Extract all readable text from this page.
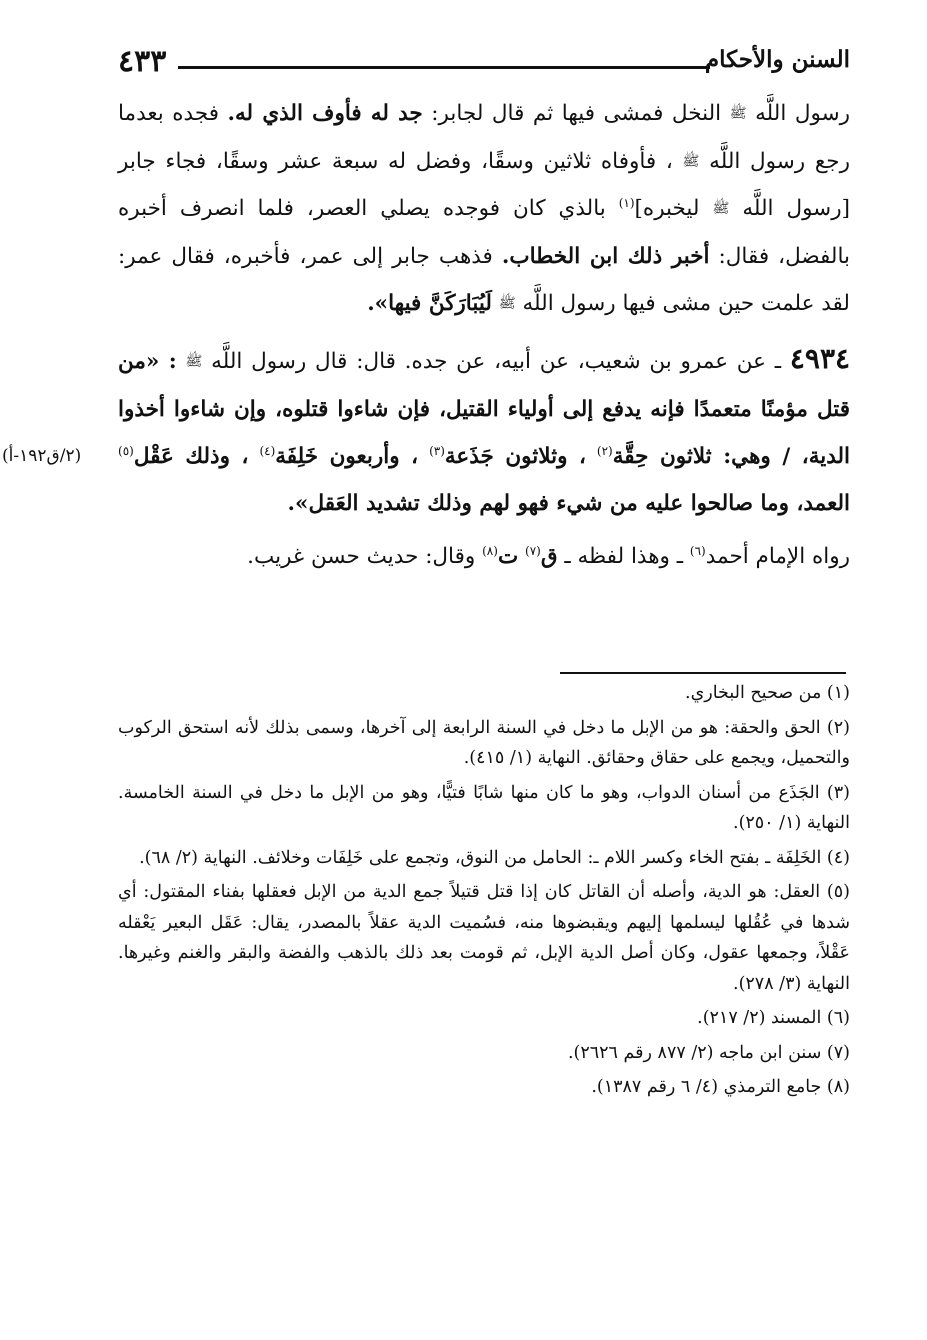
٤٣٣	السنن والأحكام
(٢/ق١٩٢-أ)

رسول اللَّه ﷺ النخل فمشى فيها ثم قال لجابر: جد له فأوف الذي له. فجده بعدما رجع رسول اللَّه ﷺ ، فأوفاه ثلاثين وسقًا، وفضل له سبعة عشر وسقًا، فجاء جابر [رسول اللَّه ﷺ ليخبره]$^{(١)}$ بالذي كان فوجده يصلي العصر، فلما انصرف أخبره بالفضل، فقال: أخبر ذلك ابن الخطاب. فذهب جابر إلى عمر، فأخبره، فقال عمر: لقد علمت حين مشى فيها رسول اللَّه ﷺ لَيُبَارَكَنَّ فيها».

٤٩٣٤ ـ عن عمرو بن شعيب، عن أبيه، عن جده. قال: قال رسول اللَّه ﷺ : «من قتل مؤمنًا متعمدًا فإنه يدفع إلى أولياء القتيل، فإن شاءوا قتلوه، وإن شاءوا أخذوا الدية، / وهي: ثلاثون حِقَّة$^{(٢)}$ ، وثلاثون جَذَعة$^{(٣)}$ ، وأربعون خَلِفَة$^{(٤)}$ ، وذلك عَقْل$^{(٥)}$ العمد، وما صالحوا عليه من شيء فهو لهم وذلك تشديد العَقل».

رواه الإمام أحمد$^{(٦)}$ ـ وهذا لفظه ـ ق$^{(٧)}$ ت$^{(٨)}$ وقال: حديث حسن غريب.

(١) من صحيح البخاري.

(٢) الحق والحقة: هو من الإبل ما دخل في السنة الرابعة إلى آخرها، وسمى بذلك لأنه استحق الركوب والتحميل، ويجمع على حقاق وحقائق. النهاية (١/ ٤١٥).

(٣) الجَذَع من أسنان الدواب، وهو ما كان منها شابًا فتيًّا، وهو من الإبل ما دخل في السنة الخامسة. النهاية (١/ ٢٥٠).

(٤) الخَلِفَة ـ بفتح الخاء وكسر اللام ـ: الحامل من النوق، وتجمع على خَلِفَات وخلائف. النهاية (٢/ ٦٨).

(٥) العقل: هو الدية، وأصله أن القاتل كان إذا قتل قتيلاً جمع الدية من الإبل فعقلها بفناء المقتول: أي شدها في عُقُلها ليسلمها إليهم ويقبضوها منه، فسُميت الدية عقلاً بالمصدر، يقال: عَقَل البعير يَعْقله عَقْلاً، وجمعها عقول، وكان أصل الدية الإبل، ثم قومت بعد ذلك بالذهب والفضة والبقر والغنم وغيرها. النهاية (٣/ ٢٧٨).

(٦) المسند (٢/ ٢١٧).

(٧) سنن ابن ماجه (٢/ ٨٧٧ رقم ٢٦٢٦).

(٨) جامع الترمذي (٤/ ٦ رقم ١٣٨٧).
